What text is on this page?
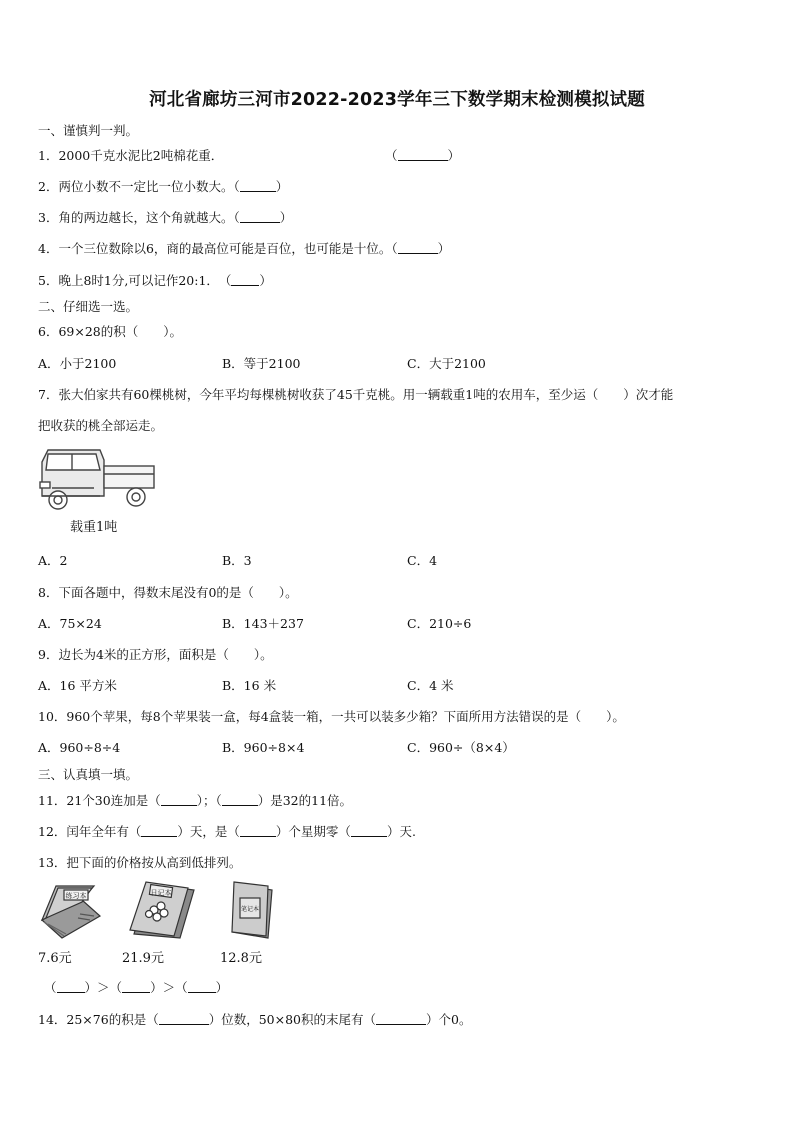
河北省廊坊三河市2022-2023学年三下数学期末检测模拟试题
一、谨慎判一判。
1．2000千克水泥比2吨棉花重．	（	）
2．两位小数不一定比一位小数大。（	）
3．角的两边越长，这个角就越大。（	）
4．一个三位数除以6，商的最高位可能是百位，也可能是十位。（	）
5．晚上8时1分,可以记作20:1．　（ ）
二、仔细选一选。
6．69×28的积（　　）。
A．小于2100	B．等于2100	C．大于2100
7．张大伯家共有60棵桃树，今年平均每棵桃树收获了45千克桃。用一辆载重1吨的农用车，至少运（　　）次才能
把收获的桃全部运走。
载重1吨
A．2	B．3	C．4
8．下面各题中，得数末尾没有0的是（　　）。
A．75×24	B．143＋237	C．210÷6
9．边长为4米的正方形，面积是（　　）。
A．16 平方米	B．16 米	C．4 米
10．960个苹果，每8个苹果装一盒，每4盒装一箱，一共可以装多少箱？下面所用方法错误的是（　　）。
A．960÷8÷4	B．960÷8×4	C．960÷（8×4）
三、认真填一填。
11．21个30连加是（	）；（	）是32的11倍。
12．闰年全年有（	）天，是（	）个星期零（	）天.
13．把下面的价格按从高到低排列。
练习本	日记本
笔记本
7.6元	21.9元	12.8元
（ ）＞（ ）＞（ ）
14．25×76的积是（	）位数，50×80积的末尾有（	）个0。
